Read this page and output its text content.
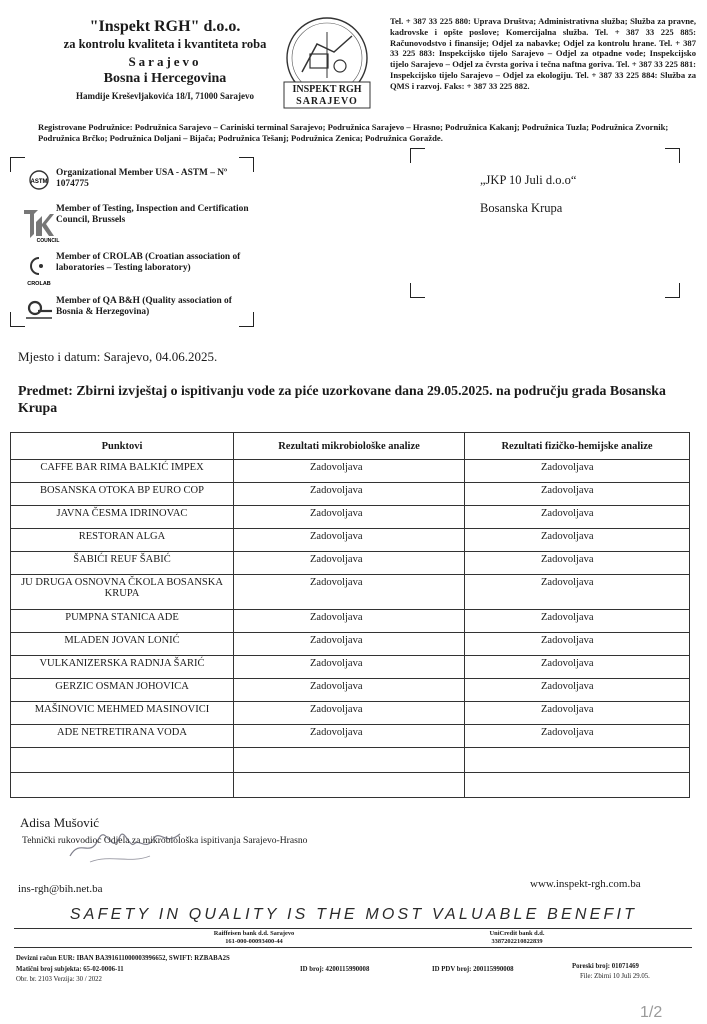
"Inspekt RGH" d.o.o.
za kontrolu kvaliteta i kvantiteta roba
Sarajevo
Bosna i Hercegovina
Hamdije Kreševljakovića 18/I, 71000 Sarajevo
INSPEKT RGH
SARAJEVO
Tel. + 387 33 225 880: Uprava Društva; Administrativna služba; Služba za pravne, kadrovske i opšte poslove; Komercijalna služba. Tel. + 387 33 225 885: Računovodstvo i finansije; Odjel za nabavke; Odjel za kontrolu hrane. Tel. + 387 33 225 883: Inspekcijsko tijelo Sarajevo – Odjel za otpadne vode; Inspekcijsko tijelo Sarajevo – Odjel za čvrsta goriva i tečna naftna goriva. Tel. + 387 33 225 881: Inspekcijsko tijelo Sarajevo – Odjel za ekologiju. Tel. + 387 33 225 884: Služba za QMS i razvoj. Faks: + 387 33 225 882.
Registrovane Podružnice: Podružnica Sarajevo – Cariniski terminal Sarajevo; Podružnica Sarajevo – Hrasno; Podružnica Kakanj; Podružnica Tuzla; Podružnica Zvornik; Podružnica Brčko; Podružnica Doljani – Bijača; Podružnica Tešanj; Podružnica Zenica; Podružnica Goražde.
ASTM
Organizational Member USA - ASTM – Nº 1074775
COUNCIL
Member of Testing, Inspection and Certification Council, Brussels
CROLAB
Member of CROLAB (Croatian association of laboratories – Testing laboratory)
Member of QA B&H (Quality association of Bosnia & Herzegovina)
„JKP 10 Juli d.o.o“
Bosanska Krupa
Mjesto i datum: Sarajevo, 04.06.2025.
Predmet: Zbirni izvještaj o ispitivanju vode za piće uzorkovane dana 29.05.2025. na području grada Bosanska Krupa
Punktovi	Rezultati mikrobiološke analize	Rezultati fizičko-hemijske analize
CAFFE BAR RIMA BALKIĆ IMPEX	Zadovoljava	Zadovoljava
BOSANSKA OTOKA BP EURO COP	Zadovoljava	Zadovoljava
JAVNA ČESMA IDRINOVAC	Zadovoljava	Zadovoljava
RESTORAN ALGA	Zadovoljava	Zadovoljava
ŠABIĆI REUF ŠABIĆ	Zadovoljava	Zadovoljava
JU DRUGA OSNOVNA ČKOLA BOSANSKA KRUPA	Zadovoljava	Zadovoljava
PUMPNA STANICA ADE	Zadovoljava	Zadovoljava
MLADEN JOVAN LONIĆ	Zadovoljava	Zadovoljava
VULKANIZERSKA RADNJA ŠARIĆ	Zadovoljava	Zadovoljava
GERZIC OSMAN JOHOVICA	Zadovoljava	Zadovoljava
MAŠINOVIC MEHMED MASINOVICI	Zadovoljava	Zadovoljava
ADE NETRETIRANA VODA	Zadovoljava	Zadovoljava

Adisa Mušović
Tehnički rukovodioc Odjela za mikrobiološka ispitivanja Sarajevo-Hrasno
ins-rgh@bih.net.ba	www.inspekt-rgh.com.ba
SAFETY IN QUALITY IS THE MOST VALUABLE BENEFIT
Raiffeisen bank d.d. Sarajevo
161-000-00093400-44
UniCredit bank d.d.
3387202210822839
Devizni račun EUR: IBAN BA391611000003996652, SWIFT: RZBABA2S
Matični broj subjekta: 65-02-0006-11
Obr. br. 2103 Verzija: 30 / 2022
ID broj: 4200115990008	ID PDV broj: 200115990008	Poreski broj: 01071469
File: Zbirni 10 Juli 29.05.
1/2
